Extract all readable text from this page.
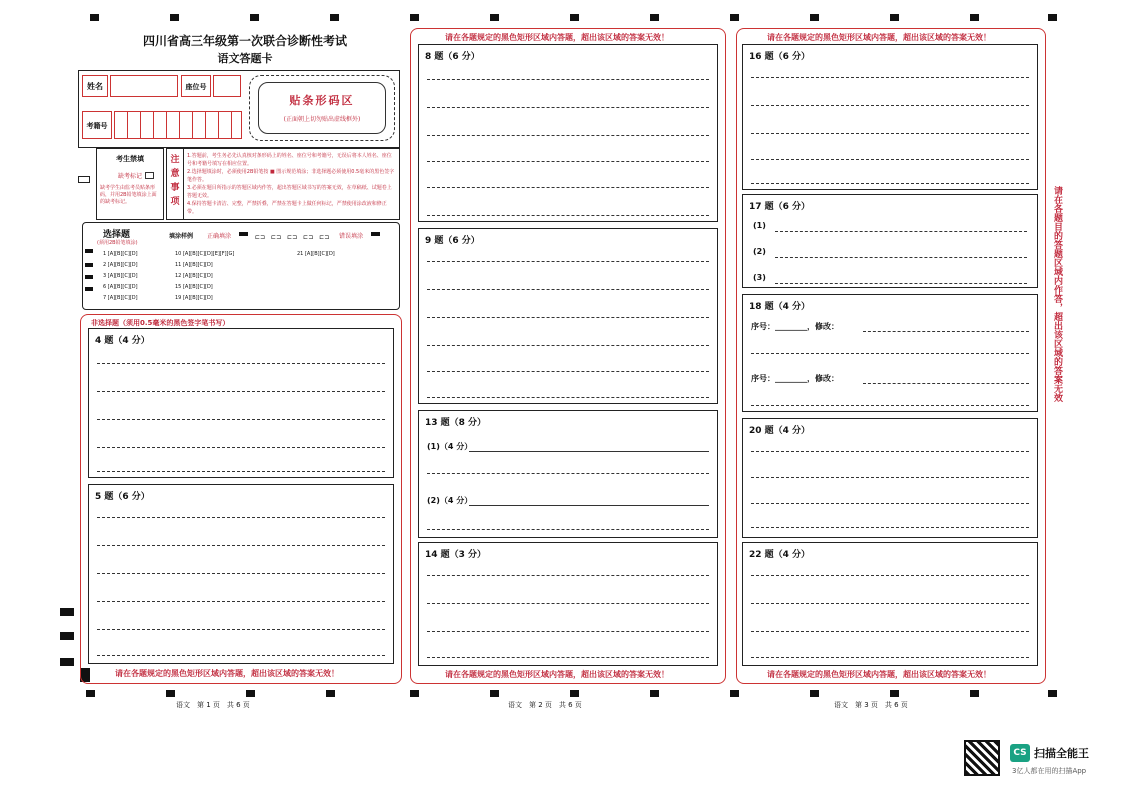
四川省高三年级第一次联合诊断性考试
语文答题卡
姓名	座位号
考籍号
贴条形码区
(正面朝上切勿贴出虚线框外)
考生禁填
缺考标记
缺考学生由监考员贴条形码，并用2B铅笔填涂上面的缺考标记。
注意事项
1.答题前，考生务必先认真核对条形码上的姓名、座位号和考籍号，无误后将本人姓名、座位号和考籍号填写在相应位置。
2.选择题填涂时，必须使用2B铅笔按 ■ 图示规范填涂；非选择题必须使用0.5毫米的黑色签字笔作答。
3.必须在题目所指示的答题区域内作答，超出答题区域书写的答案无效，在草稿纸、试题卷上答题无效。
4.保持答题卡清洁、完整，严禁折叠，严禁在答题卡上做任何标记，严禁使用涂改液和修正带。
选择题
(须用2B铅笔填涂)
填涂样例 正确填涂	⊏⊐　⊏⊐　⊏⊐　⊏⊐　⊏⊐ 错误填涂
1 [A][B][C][D]
2 [A][B][C][D]
3 [A][B][C][D]
6 [A][B][C][D]
7 [A][B][C][D]
10 [A][B][C][D][E][F][G]
11 [A][B][C][D]
12 [A][B][C][D]
15 [A][B][C][D]
19 [A][B][C][D]
21 [A][B][C][D]
非选择题（须用0.5毫米的黑色签字笔书写）
请在各题规定的黑色矩形区域内答题，超出该区域的答案无效！
4 题（4 分）
5 题（6 分）
语文　第 1 页　共 6 页
请在各题规定的黑色矩形区域内答题，超出该区域的答案无效！
请在各题规定的黑色矩形区域内答题，超出该区域的答案无效！
8 题（6 分）
9 题（6 分）
13 题（8 分）
(1)（4 分）
(2)（4 分）
14 题（3 分）
语文　第 2 页　共 6 页
请在各题规定的黑色矩形区域内答题，超出该区域的答案无效！
请在各题规定的黑色矩形区域内答题，超出该区域的答案无效！
16 题（6 分）
17 题（6 分）
(1)
(2)
(3)
18 题（4 分）
序号：________，修改：
序号：________，修改：
20 题（4 分）
22 题（4 分）
语文　第 3 页　共 6 页
请在各题目的答题区域内作答，超出该区域的答案无效
CS 扫描全能王
3亿人都在用的扫描App
